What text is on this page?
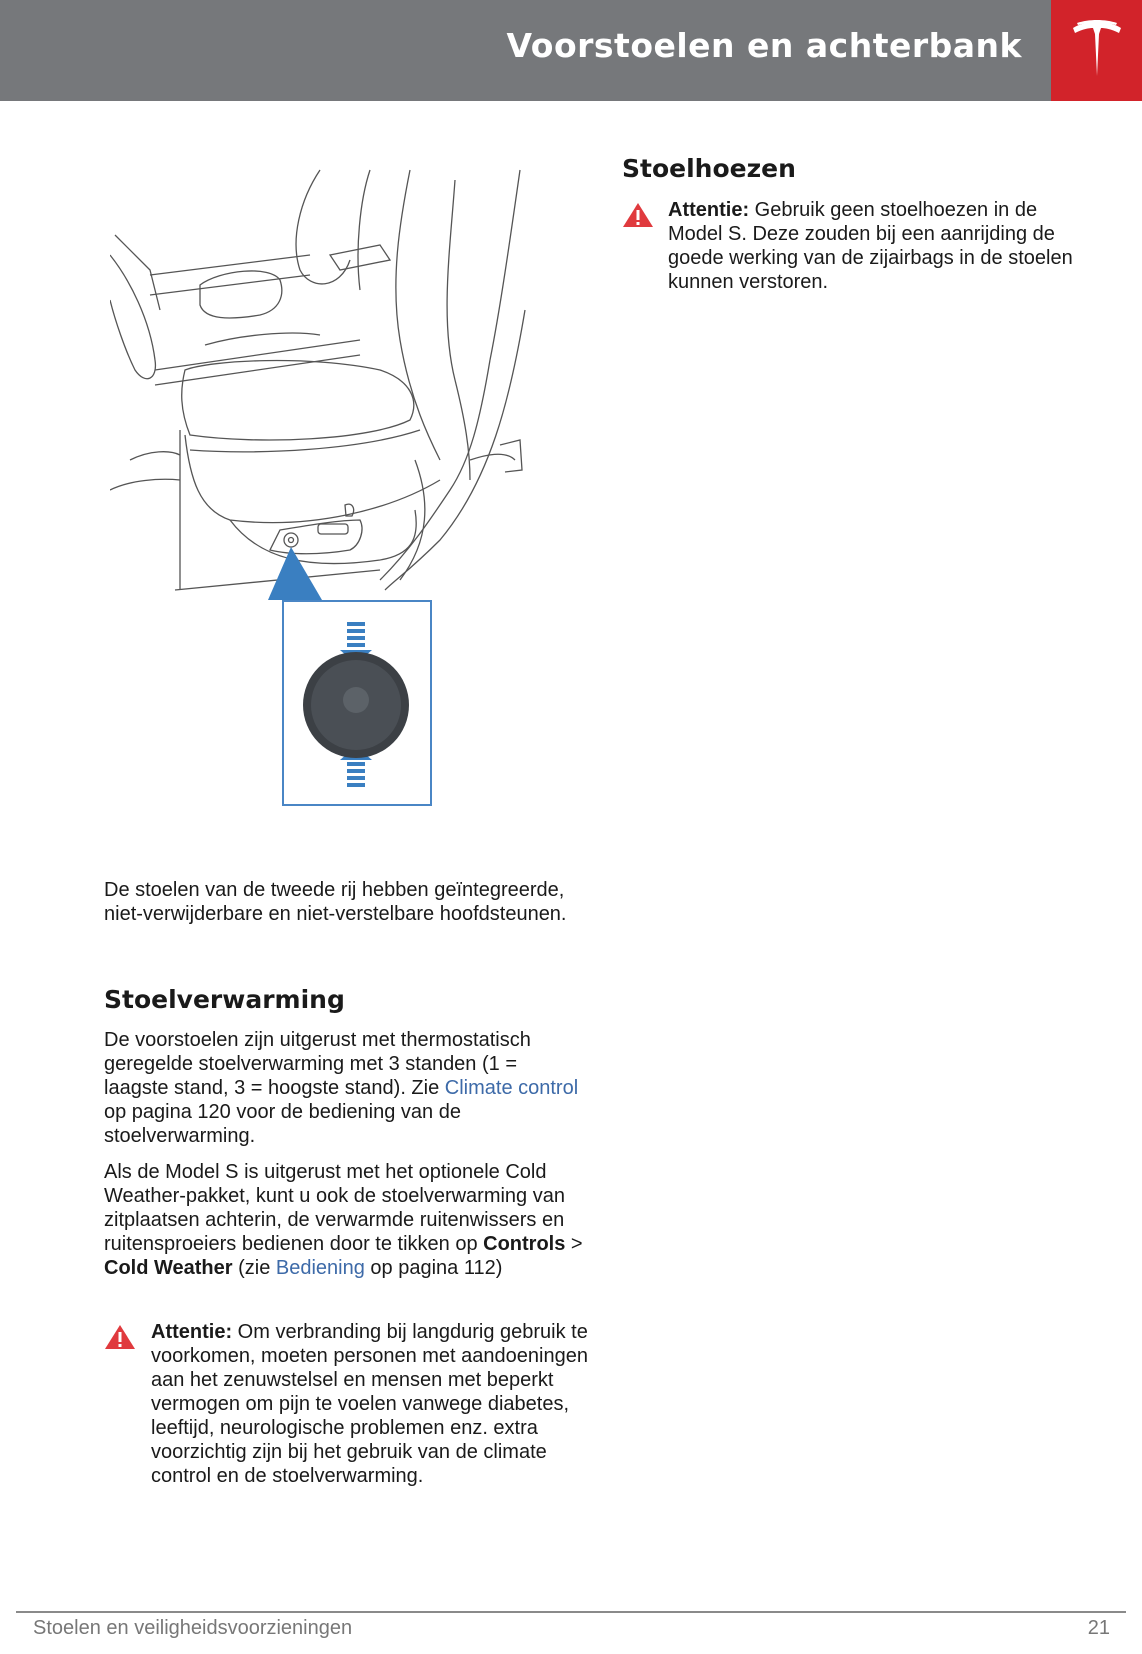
Voorstoelen en achterbank
De stoelen van de tweede rij hebben geïntegreerde, niet-verwijderbare en niet-verstelbare hoofdsteunen.
Stoelverwarming
De voorstoelen zijn uitgerust met thermostatisch geregelde stoelverwarming met 3 standen (1 = laagste stand, 3 = hoogste stand). Zie Climate control op pagina 120 voor de bediening van de stoelverwarming.
Als de Model S is uitgerust met het optionele Cold Weather-pakket, kunt u ook de stoelverwarming van zitplaatsen achterin, de verwarmde ruitenwissers en ruitensproeiers bedienen door te tikken op Controls > Cold Weather (zie Bediening op pagina 112)
Attentie: Om verbranding bij langdurig gebruik te voorkomen, moeten personen met aandoeningen aan het zenuwstelsel en mensen met beperkt vermogen om pijn te voelen vanwege diabetes, leeftijd, neurologische problemen enz. extra voorzichtig zijn bij het gebruik van de climate control en de stoelverwarming.
Stoelhoezen
Attentie: Gebruik geen stoelhoezen in de Model S. Deze zouden bij een aanrijding de goede werking van de zijairbags in de stoelen kunnen verstoren.
Stoelen en veiligheidsvoorzieningen	21
